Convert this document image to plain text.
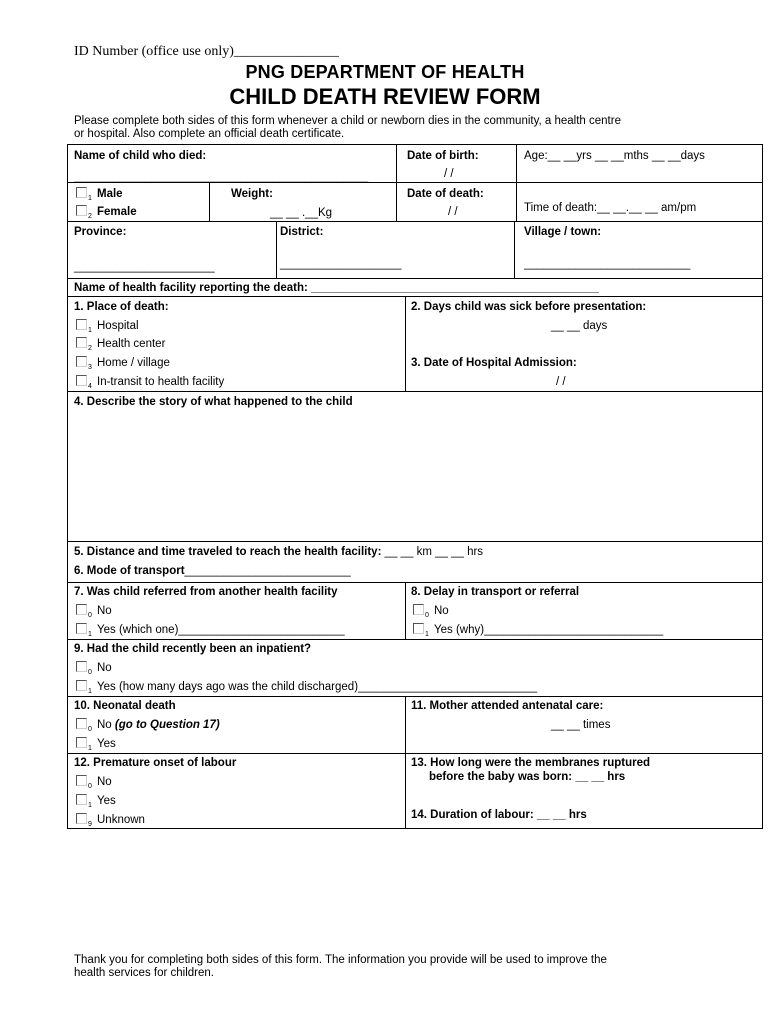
ID Number (office use only)_______________
PNG DEPARTMENT OF HEALTH
CHILD DEATH REVIEW FORM
Please complete both sides of this form whenever a child or newborn dies in the community, a health centre
or hospital. Also complete an official death certificate.
Name of child who died:
______________________________________________
Date of birth:
/ /
Age:__ __yrs __ __mths __ __days
1 Male
2 Female
Weight:
__ __ .__Kg
Date of death:
/ /	Time of death:__ __.__ __ am/pm
Province:
______________________
District:
___________________
Village / town:
__________________________
Name of health facility reporting the death: _____________________________________________
1. Place of death:
1 Hospital
2 Health center
3 Home / village
4 In-transit to health facility
2. Days child was sick before presentation:
__ __ days
3. Date of Hospital Admission:
/ /
4. Describe the story of what happened to the child
5. Distance and time traveled to reach the health facility: __ __ km __ __ hrs
6. Mode of transport__________________________
7. Was child referred from another health facility
0 No
1 Yes (which one)__________________________
8. Delay in transport or referral
0 No
1 Yes (why)____________________________
9. Had the child recently been an inpatient?
0 No
1 Yes (how many days ago was the child discharged)____________________________
10. Neonatal death
0 No (go to Question 17)
1 Yes
11. Mother attended antenatal care:
__ __ times
12. Premature onset of labour
0 No
1 Yes
9 Unknown
13. How long were the membranes ruptured
before the baby was born: __ __ hrs
14. Duration of labour: __ __ hrs
Thank you for completing both sides of this form. The information you provide will be used to improve the
health services for children.
